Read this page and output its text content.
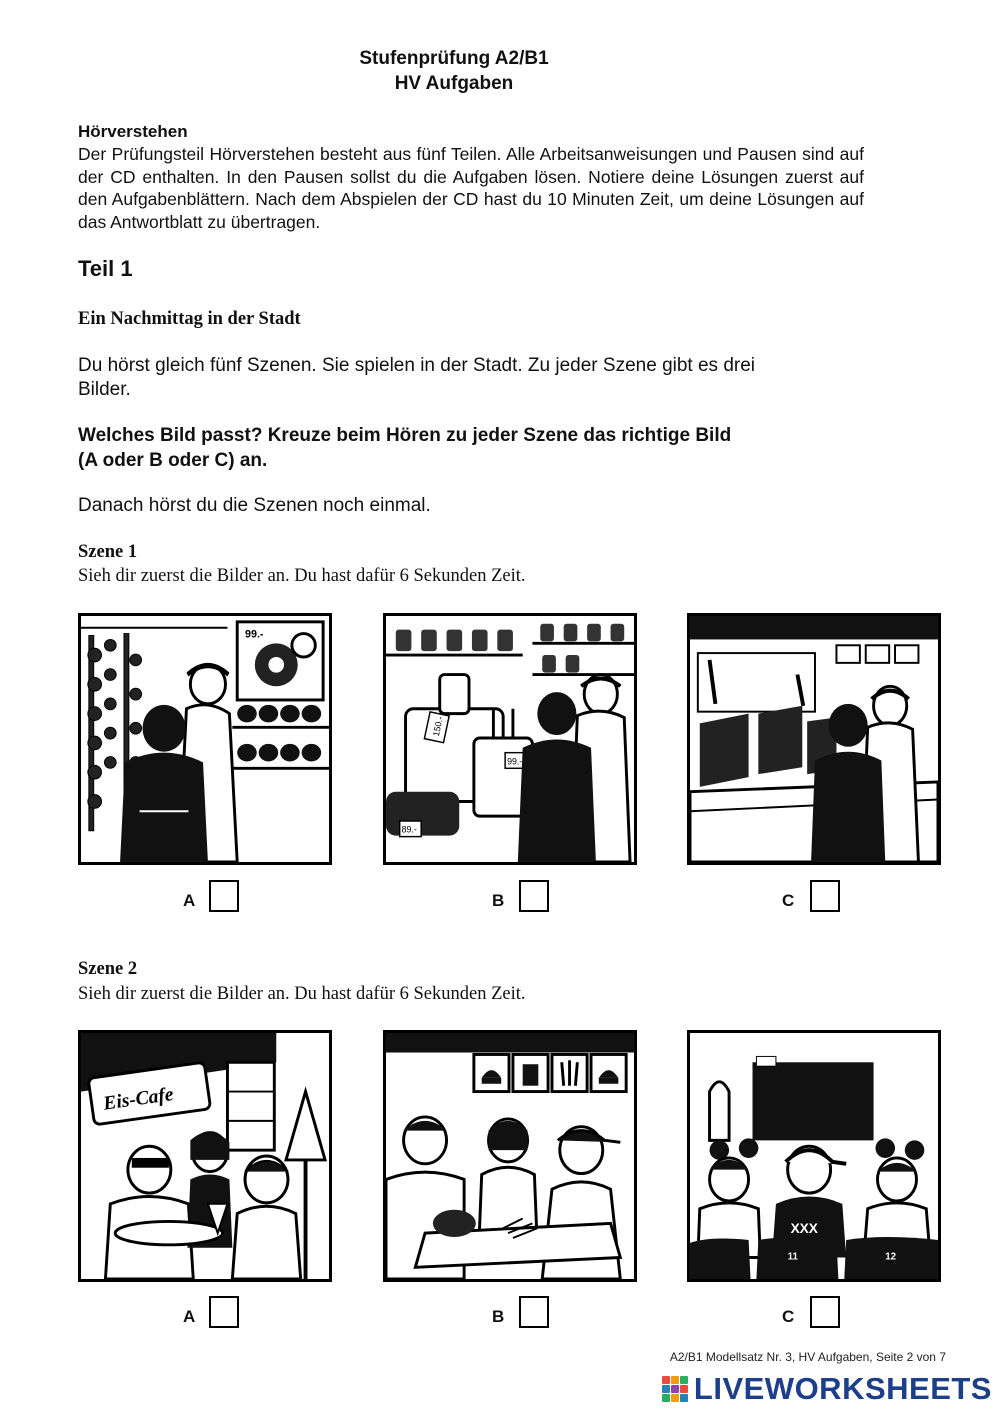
Stufenprüfung A2/B1
HV Aufgaben
Hörverstehen
Der Prüfungsteil Hörverstehen besteht aus fünf Teilen. Alle Arbeitsanweisungen und Pausen sind auf der CD enthalten. In den Pausen sollst du die Aufgaben lösen. Notiere deine Lösungen zuerst auf den Aufgabenblättern. Nach dem Abspielen der CD hast du 10 Minuten Zeit, um deine Lösungen auf das Antwortblatt zu übertragen.
Teil 1
Ein Nachmittag in der Stadt
Du hörst gleich fünf Szenen. Sie spielen in der Stadt. Zu jeder Szene gibt es drei
Bilder.
Welches Bild passt? Kreuze beim Hören zu jeder Szene das richtige Bild
(A oder B oder C) an.
Danach hörst du die Szenen noch einmal.
Szene 1
Sieh dir zuerst die Bilder an. Du hast dafür 6 Sekunden Zeit.
99.-
A
150.-
99.-
89.-
B	C
Szene 2
Sieh dir zuerst die Bilder an. Du hast dafür 6 Sekunden Zeit.
Eis-Cafe
A	B
XXX
11	12
C
A2/B1 Modellsatz Nr. 3, HV Aufgaben, Seite 2 von 7
LIVEWORKSHEETS
